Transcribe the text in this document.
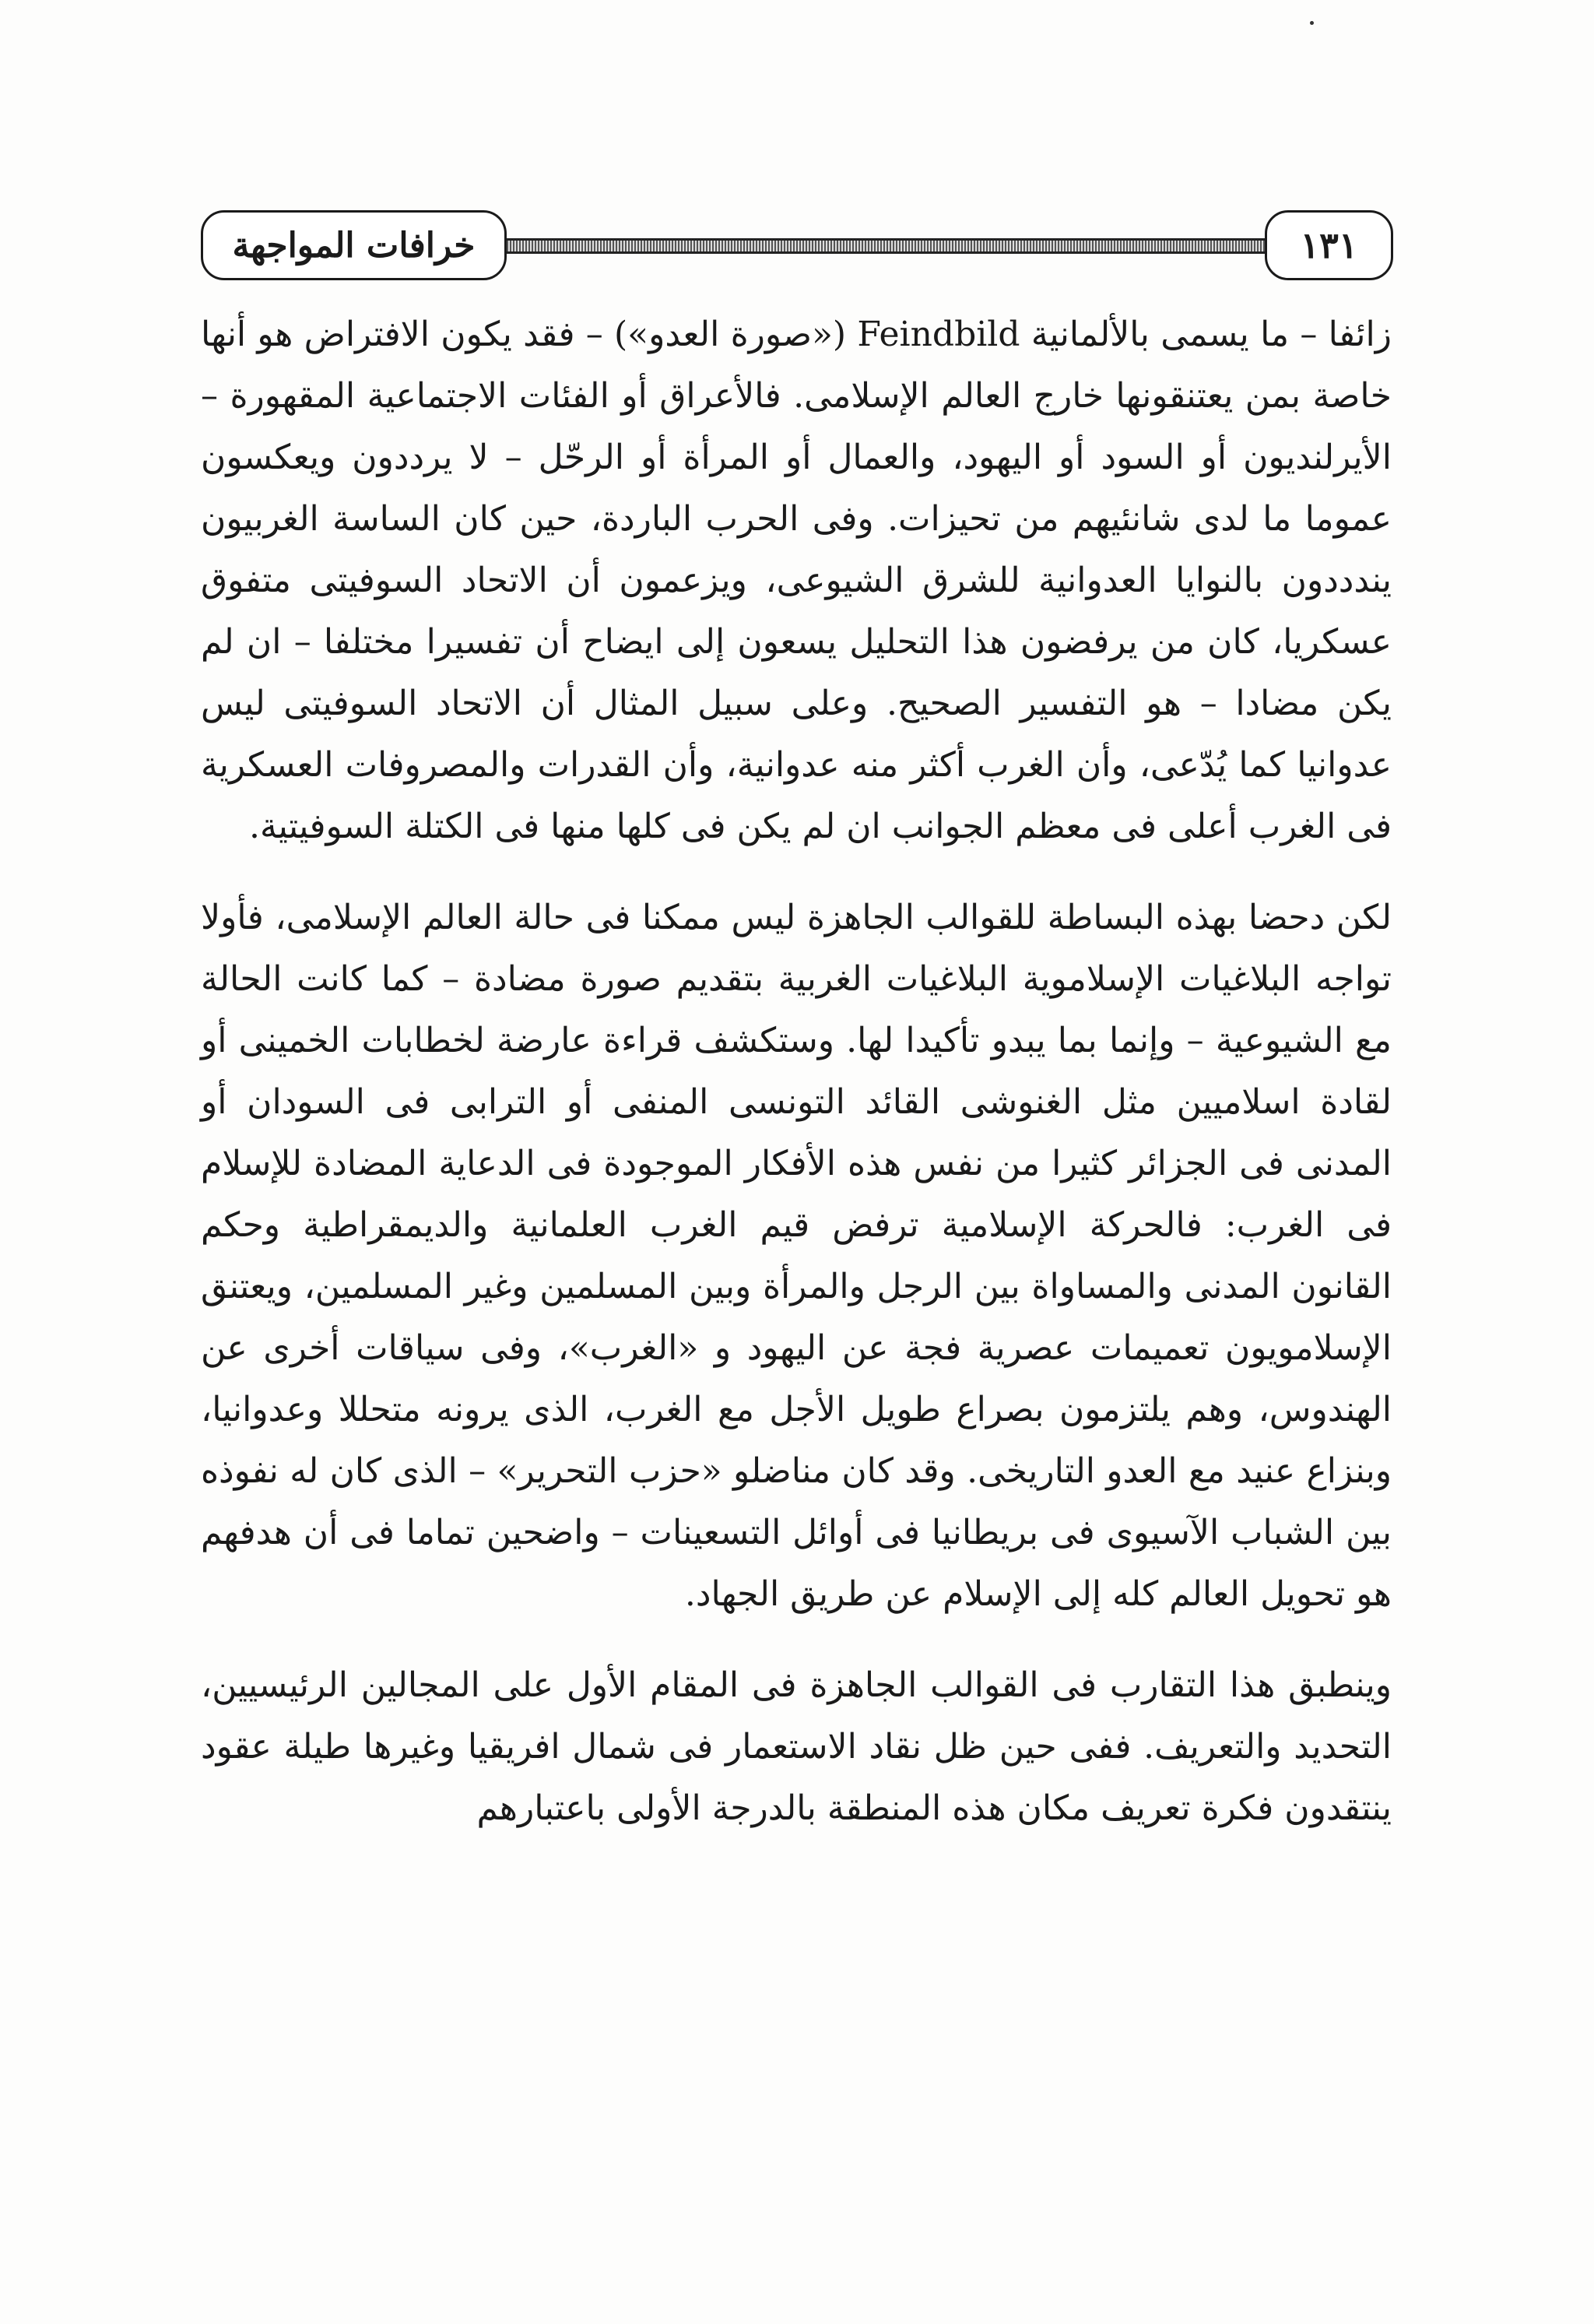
١٣١
خرافات المواجهة

زائفا – ما يسمى بالألمانية Feindbild («صورة العدو») – فقد يكون الافتراض هو أنها خاصة بمن يعتنقونها خارج العالم الإسلامى. فالأعراق أو الفئات الاجتماعية المقهورة – الأيرلنديون أو السود أو اليهود، والعمال أو المرأة أو الرحّل – لا يرددون ويعكسون عموما ما لدى شانئيهم من تحيزات. وفى الحرب الباردة، حين كان الساسة الغربيون يندددون بالنوايا العدوانية للشرق الشيوعى، ويزعمون أن الاتحاد السوفيتى متفوق عسكريا، كان من يرفضون هذا التحليل يسعون إلى ايضاح أن تفسيرا مختلفا – ان لم يكن مضادا – هو التفسير الصحيح. وعلى سبيل المثال أن الاتحاد السوفيتى ليس عدوانيا كما يُدّعى، وأن الغرب أكثر منه عدوانية، وأن القدرات والمصروفات العسكرية فى الغرب أعلى فى معظم الجوانب ان لم يكن فى كلها منها فى الكتلة السوفيتية.

لكن دحضا بهذه البساطة للقوالب الجاهزة ليس ممكنا فى حالة العالم الإسلامى، فأولا تواجه البلاغيات الإسلاموية البلاغيات الغربية بتقديم صورة مضادة – كما كانت الحالة مع الشيوعية – وإنما بما يبدو تأكيدا لها. وستكشف قراءة عارضة لخطابات الخمينى أو لقادة اسلاميين مثل الغنوشى القائد التونسى المنفى أو الترابى فى السودان أو المدنى فى الجزائر كثيرا من نفس هذه الأفكار الموجودة فى الدعاية المضادة للإسلام فى الغرب: فالحركة الإسلامية ترفض قيم الغرب العلمانية والديمقراطية وحكم القانون المدنى والمساواة بين الرجل والمرأة وبين المسلمين وغير المسلمين، ويعتنق الإسلامويون تعميمات عصرية فجة عن اليهود و «الغرب»، وفى سياقات أخرى عن الهندوس، وهم يلتزمون بصراع طويل الأجل مع الغرب، الذى يرونه متحللا وعدوانيا، وبنزاع عنيد مع العدو التاريخى. وقد كان مناضلو «حزب التحرير» – الذى كان له نفوذه بين الشباب الآسيوى فى بريطانيا فى أوائل التسعينات – واضحين تماما فى أن هدفهم هو تحويل العالم كله إلى الإسلام عن طريق الجهاد.

وينطبق هذا التقارب فى القوالب الجاهزة فى المقام الأول على المجالين الرئيسيين، التحديد والتعريف. ففى حين ظل نقاد الاستعمار فى شمال افريقيا وغيرها طيلة عقود ينتقدون فكرة تعريف مكان هذه المنطقة بالدرجة الأولى باعتبارهم
